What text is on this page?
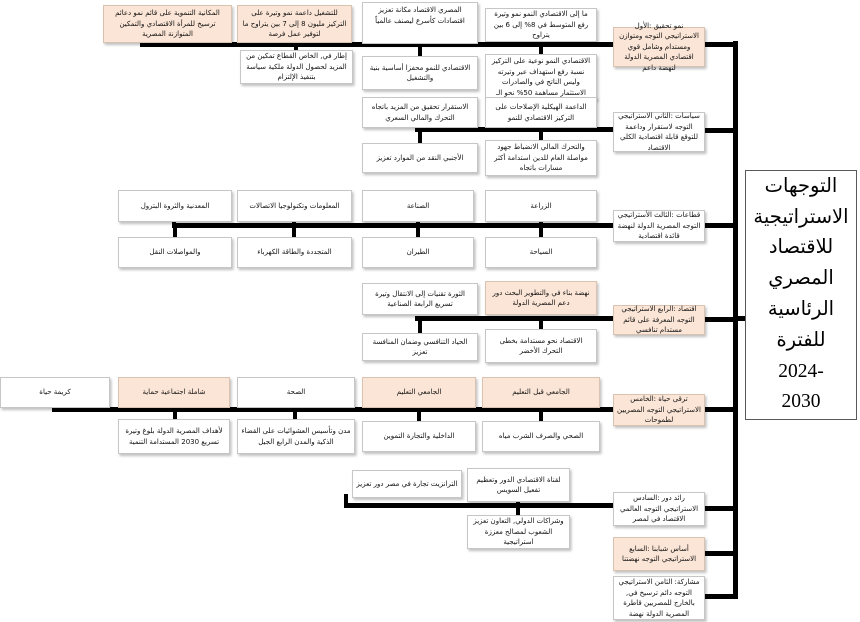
نمو تحقيق :الأول الاستراتيجي التوجه ومتوازن ومستدام وشامل قوي اقتصادي المصرية الدولة لنهضة داعم
سياسات :الثاني الاستراتيجي التوجه لاستقرار وداعمة للتوقع قابلة اقتصادية الكلي الاقتصاد
قطاعات :الثالث الأستراتيجي التوجه المصرية الدولة لنهضة قائدة اقتصادية
اقتصاد :الرابع الاستراتيجي التوجه المعرفة على قائم مستدام تنافسي
ترقى حياة :الخامس الاستراتيجي التوجه المصريين لطموحات
رائد دور :السادس الاستراتيجي التوجه العالمي الاقتصاد في لمصر
أساس شبابنا :السابع الاستراتيجي التوجه نهضتنا
مشاركة: الثامن الاستراتيجي التوجه دائم ترسيخ في, بالخارج للمصريين قاطرة المصرية الدولة نهضة
المكانية التنموية على قائم نمو دعائم ترسيخ للمرأة الاقتصادي والتمكين المتوازنة المصرية
للتشغيل داعمة نمو وتيرة على التركيز مليون 8 إلى 7 بين يتراوح ما لتوفير عمل فرصة
المصري الاقتصاد مكانة تعزيز اقتصادات كأسرع ليصنف عالمياً
ما إلى الاقتصادي النمو نمو وتيرة رفع المتوسط في 8% إلى 6 بين يتراوح
الاقتصادي النمو نوعية على التركيز نسبة رفع استهداف عبر وتيرته وليس الناتج في والصادرات الاستثمار مساهمة 50% نحو الـ
الاقتصادي للنمو محفزا أساسية بنية والتشغيل
إطار في, الخاص القطاع تمكين من المزيد لحصول الدولة ملكية سياسة بتنفيذ الإلتزام
الداعمة الهيكلية الإصلاحات على التركيز الاقتصادي للنمو
الاستقرار تحقيق من المزيد باتجاه التحرك والمالي السعري
والتحرك المالي الانضباط جهود مواصلة العام للدين استدامة أكثر مسارات باتجاه
الأجنبي النقد من الموارد تعزيز
الزراعة
الصناعة
المعلومات وتكنولوجيا الاتصالات
المعدنية والثروة البترول
السياحة
الطيران
المتجددة والطاقة الكهرباء
والمواصلات النقل
نهضة بناء في والتطوير البحث دور دعم المصرية الدولة
الثورة تقنيات إلى الانتقال وتيرة تسريع الرابعة الصناعية
الاقتصاد نحو مستدامة بخطى التحرك الأخضر
الحياد التنافسي وضمان المنافسة تعزيز
الجامعي قبل التعليم
الجامعي التعليم
الصحة
شاملة اجتماعية حماية
كريمة حياة
الصحي والصرف الشرب مياه
الداخلية والتجارة التموين
مدن وتأسيس العشوائيات على القضاء الذكية والمدن الرابع الجيل
لأهداف المصرية الدولة بلوغ وتيرة تسريع 2030 المستدامة التنمية
لقناة الاقتصادي الدور وتعظيم تفعيل السويس
الترانزيت تجارة في مصر دور تعزيز
وشراكات الدولي, التعاون تعزيز الشعوب لمصالح معززة استراتيجية
التوجهات
الاستراتيجية
للاقتصاد
المصري
الرئاسية للفترة
2024-
2030
